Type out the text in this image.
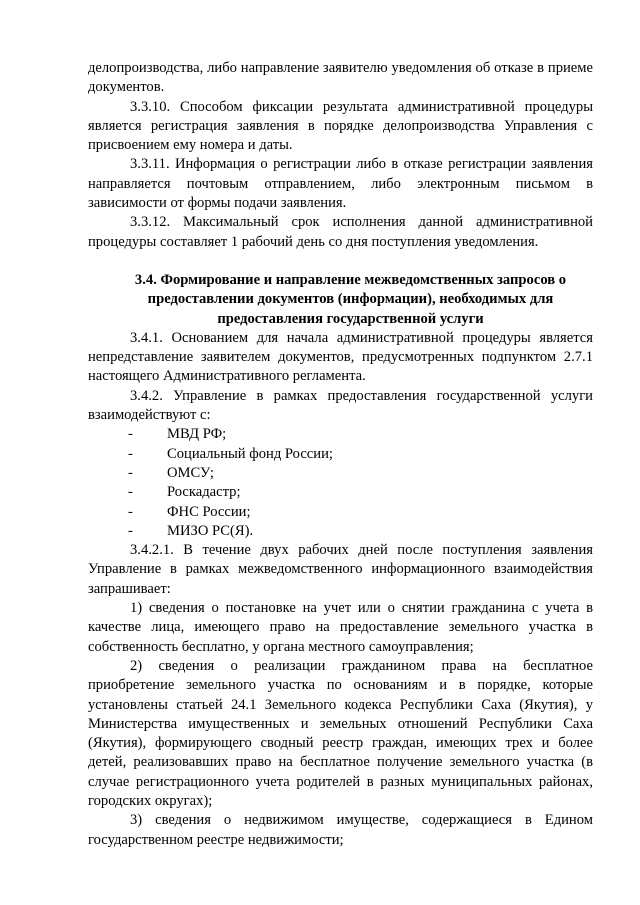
делопроизводства, либо направление заявителю уведомления об отказе в приеме документов.

3.3.10. Способом фиксации результата административной процедуры является регистрация заявления в порядке делопроизводства Управления с присвоением ему номера и даты.

3.3.11. Информация о регистрации либо в отказе регистрации заявления направляется почтовым отправлением, либо электронным письмом в зависимости от формы подачи заявления.

3.3.12. Максимальный срок исполнения данной административной процедуры составляет 1 рабочий день со дня поступления уведомления.

3.4. Формирование и направление межведомственных запросов о предоставлении документов (информации), необходимых для предоставления государственной услуги

3.4.1. Основанием для начала административной процедуры является непредставление заявителем документов, предусмотренных подпунктом 2.7.1 настоящего Административного регламента.

3.4.2. Управление в рамках предоставления государственной услуги взаимодействуют с:

- МВД РФ;
- Социальный фонд России;
- ОМСУ;
- Роскадастр;
- ФНС России;
- МИЗО РС(Я).

3.4.2.1. В течение двух рабочих дней после поступления заявления Управление в рамках межведомственного информационного взаимодействия запрашивает:

1) сведения о постановке на учет или о снятии гражданина с учета в качестве лица, имеющего право на предоставление земельного участка в собственность бесплатно, у органа местного самоуправления;

2) сведения о реализации гражданином права на бесплатное приобретение земельного участка по основаниям и в порядке, которые установлены статьей 24.1 Земельного кодекса Республики Саха (Якутия), у Министерства имущественных и земельных отношений Республики Саха (Якутия), формирующего сводный реестр граждан, имеющих трех и более детей, реализовавших право на бесплатное получение земельного участка (в случае регистрационного учета родителей в разных муниципальных районах, городских округах);

3) сведения о недвижимом имуществе, содержащиеся в Едином государственном реестре недвижимости;
